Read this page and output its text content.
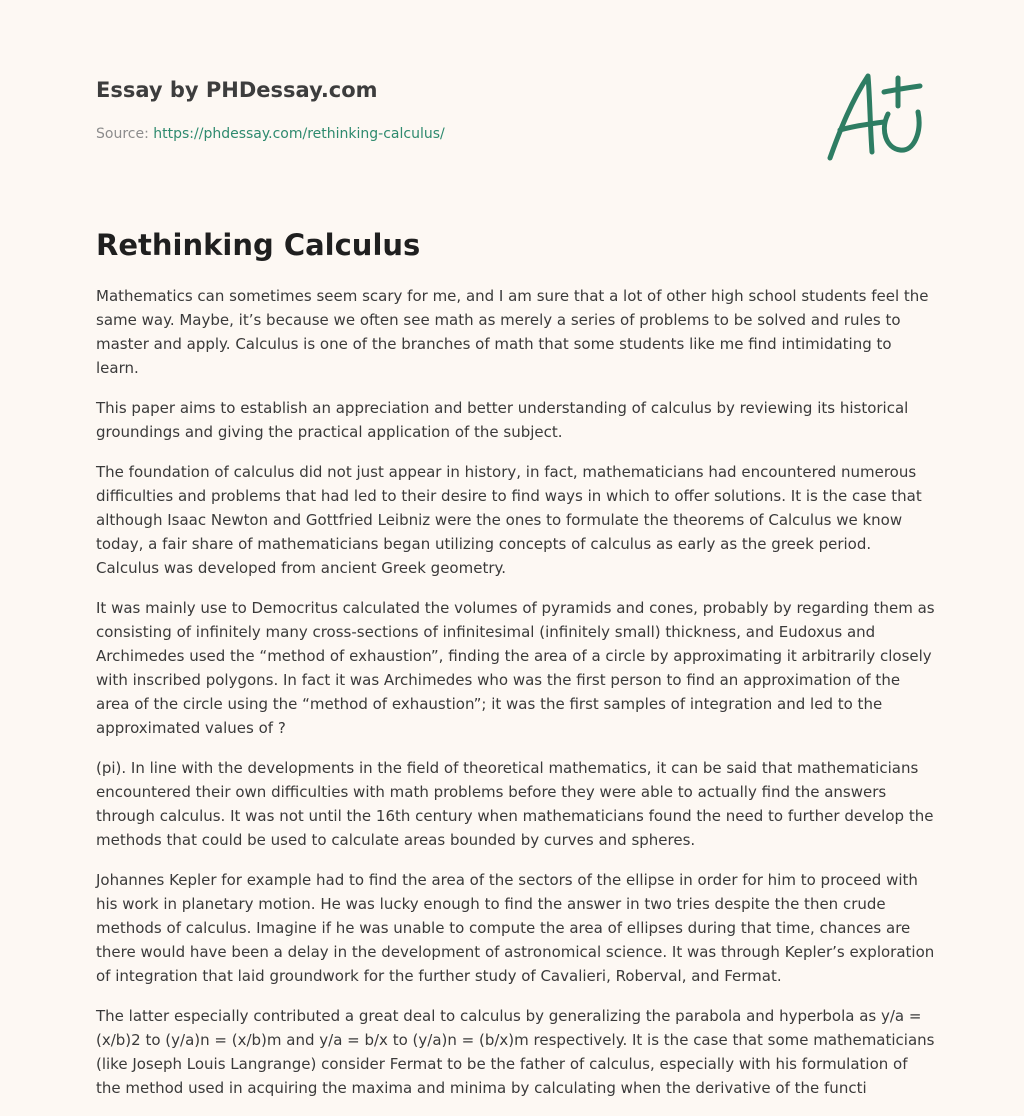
Essay by PHDessay.com

Source: https://phdessay.com/rethinking-calculus/
Rethinking Calculus

Mathematics can sometimes seem scary for me, and I am sure that a lot of other high school students feel the same way. Maybe, it’s because we often see math as merely a series of problems to be solved and rules to master and apply. Calculus is one of the branches of math that some students like me find intimidating to learn.

This paper aims to establish an appreciation and better understanding of calculus by reviewing its historical groundings and giving the practical application of the subject.

The foundation of calculus did not just appear in history, in fact, mathematicians had encountered numerous difficulties and problems that had led to their desire to find ways in which to offer solutions. It is the case that although Isaac Newton and Gottfried Leibniz were the ones to formulate the theorems of Calculus we know today, a fair share of mathematicians began utilizing concepts of calculus as early as the greek period. Calculus was developed from ancient Greek geometry.

It was mainly use to Democritus calculated the volumes of pyramids and cones, probably by regarding them as consisting of infinitely many cross-sections of infinitesimal (infinitely small) thickness, and Eudoxus and Archimedes used the “method of exhaustion”, finding the area of a circle by approximating it arbitrarily closely with inscribed polygons. In fact it was Archimedes who was the first person to find an approximation of the area of the circle using the “method of exhaustion”; it was the first samples of integration and led to the approximated values of ?

(pi). In line with the developments in the field of theoretical mathematics, it can be said that mathematicians encountered their own difficulties with math problems before they were able to actually find the answers through calculus. It was not until the 16th century when mathematicians found the need to further develop the methods that could be used to calculate areas bounded by curves and spheres.

Johannes Kepler for example had to find the area of the sectors of the ellipse in order for him to proceed with his work in planetary motion. He was lucky enough to find the answer in two tries despite the then crude methods of calculus. Imagine if he was unable to compute the area of ellipses during that time, chances are there would have been a delay in the development of astronomical science. It was through Kepler’s exploration of integration that laid groundwork for the further study of Cavalieri, Roberval, and Fermat.

The latter especially contributed a great deal to calculus by generalizing the parabola and hyperbola as y/a = (x/b)2 to (y/a)n = (x/b)m and y/a = b/x to (y/a)n = (b/x)m respectively. It is the case that some mathematicians (like Joseph Louis Langrange) consider Fermat to be the father of calculus, especially with his formulation of the method used in acquiring the maxima and minima by calculating when the derivative of the functi
